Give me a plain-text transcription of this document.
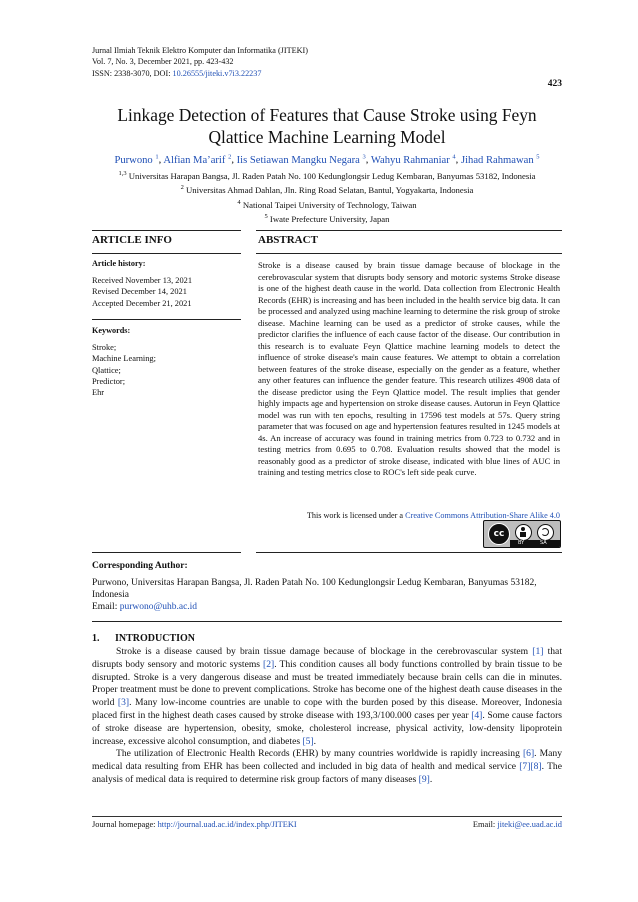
Jurnal Ilmiah Teknik Elektro Komputer dan Informatika (JITEKI)
Vol. 7, No. 3, December 2021, pp. 423-432
ISSN: 2338-3070, DOI: 10.26555/jiteki.v7i3.22237
423
Linkage Detection of Features that Cause Stroke using Feyn
Qlattice Machine Learning Model
Purwono $^1$, Alfian Ma’arif $^2$, Iis Setiawan Mangku Negara $^3$, Wahyu Rahmaniar $^4$, Jihad Rahmawan $^5$
$^{1,3}$ Universitas Harapan Bangsa, Jl. Raden Patah No. 100 Kedunglongsir Ledug Kembaran, Banyumas 53182, Indonesia
$^2$ Universitas Ahmad Dahlan, Jln. Ring Road Selatan, Bantul, Yogyakarta, Indonesia
$^4$ National Taipei University of Technology, Taiwan
$^5$ Iwate Prefecture University, Japan
ARTICLE INFO	ABSTRACT
Article history:
Received November 13, 2021
Revised December 14, 2021
Accepted December 21, 2021
Keywords:
Stroke;
Machine Learning;
Qlattice;
Predictor;
Ehr
Stroke is a disease caused by brain tissue damage because of blockage in the cerebrovascular system that disrupts body sensory and motoric systems Stroke disease is one of the highest death cause in the world. Data collection from Electronic Health Records (EHR) is increasing and has been included in the health service big data. It can be processed and analyzed using machine learning to determine the risk group of stroke disease. Machine learning can be used as a predictor of stroke causes, while the predictor clarifies the influence of each cause factor of the disease. Our contribution in this research is to evaluate Feyn Qlattice machine learning models to detect the influence of stroke disease's main cause features. We attempt to obtain a correlation between features of the stroke disease, especially on the gender as a feature, whether any other features can influence the gender feature. This research utilizes 4908 data of the disease predictor using the Feyn Qlattice model. The result implies that gender highly impacts age and hypertension on stroke disease causes. Autorun in Feyn Qlattice model was run with ten epochs, resulting in 17596 test models at 57s. Query string parameter that was focused on age and hypertension features resulted in 1245 models at 4s. An increase of accuracy was found in training metrics from 0.723 to 0.732 and in testing metrics from 0.695 to 0.708. Evaluation results showed that the model is reasonably good as a predictor of stroke disease, indicated with blue lines of AUC in training and testing metrics close to ROC's left side peak curve.
This work is licensed under a Creative Commons Attribution-Share Alike 4.0
cc
BY	SA
Corresponding Author:
Purwono, Universitas Harapan Bangsa, Jl. Raden Patah No. 100 Kedunglongsir Ledug Kembaran, Banyumas 53182,
Indonesia
Email: purwono@uhb.ac.id
1. INTRODUCTION

Stroke is a disease caused by brain tissue damage because of blockage in the cerebrovascular system [1] that disrupts body sensory and motoric systems [2]. This condition causes all body functions controlled by brain tissue to be disrupted. Stroke is a very dangerous disease and must be treated immediately because brain cells can die in minutes. Proper treatment must be done to prevent complications. Stroke has become one of the highest death cause diseases in the world [3]. Many low-income countries are unable to cope with the burden posed by this disease. Moreover, Indonesia placed first in the highest death cases caused by stroke disease with 193,3/100.000 cases per year [4]. Some cause factors of stroke disease are hypertension, obesity, smoke, cholesterol increase, physical activity, low-density lipoprotein increase, excessive alcohol consumption, and diabetes [5].

The utilization of Electronic Health Records (EHR) by many countries worldwide is rapidly increasing [6]. Many medical data resulting from EHR has been collected and included in big data of health and medical service [7][8]. The analysis of medical data is required to determine risk group factors of many diseases [9].

Journal homepage: http://journal.uad.ac.id/index.php/JITEKI	Email: jiteki@ee.uad.ac.id
